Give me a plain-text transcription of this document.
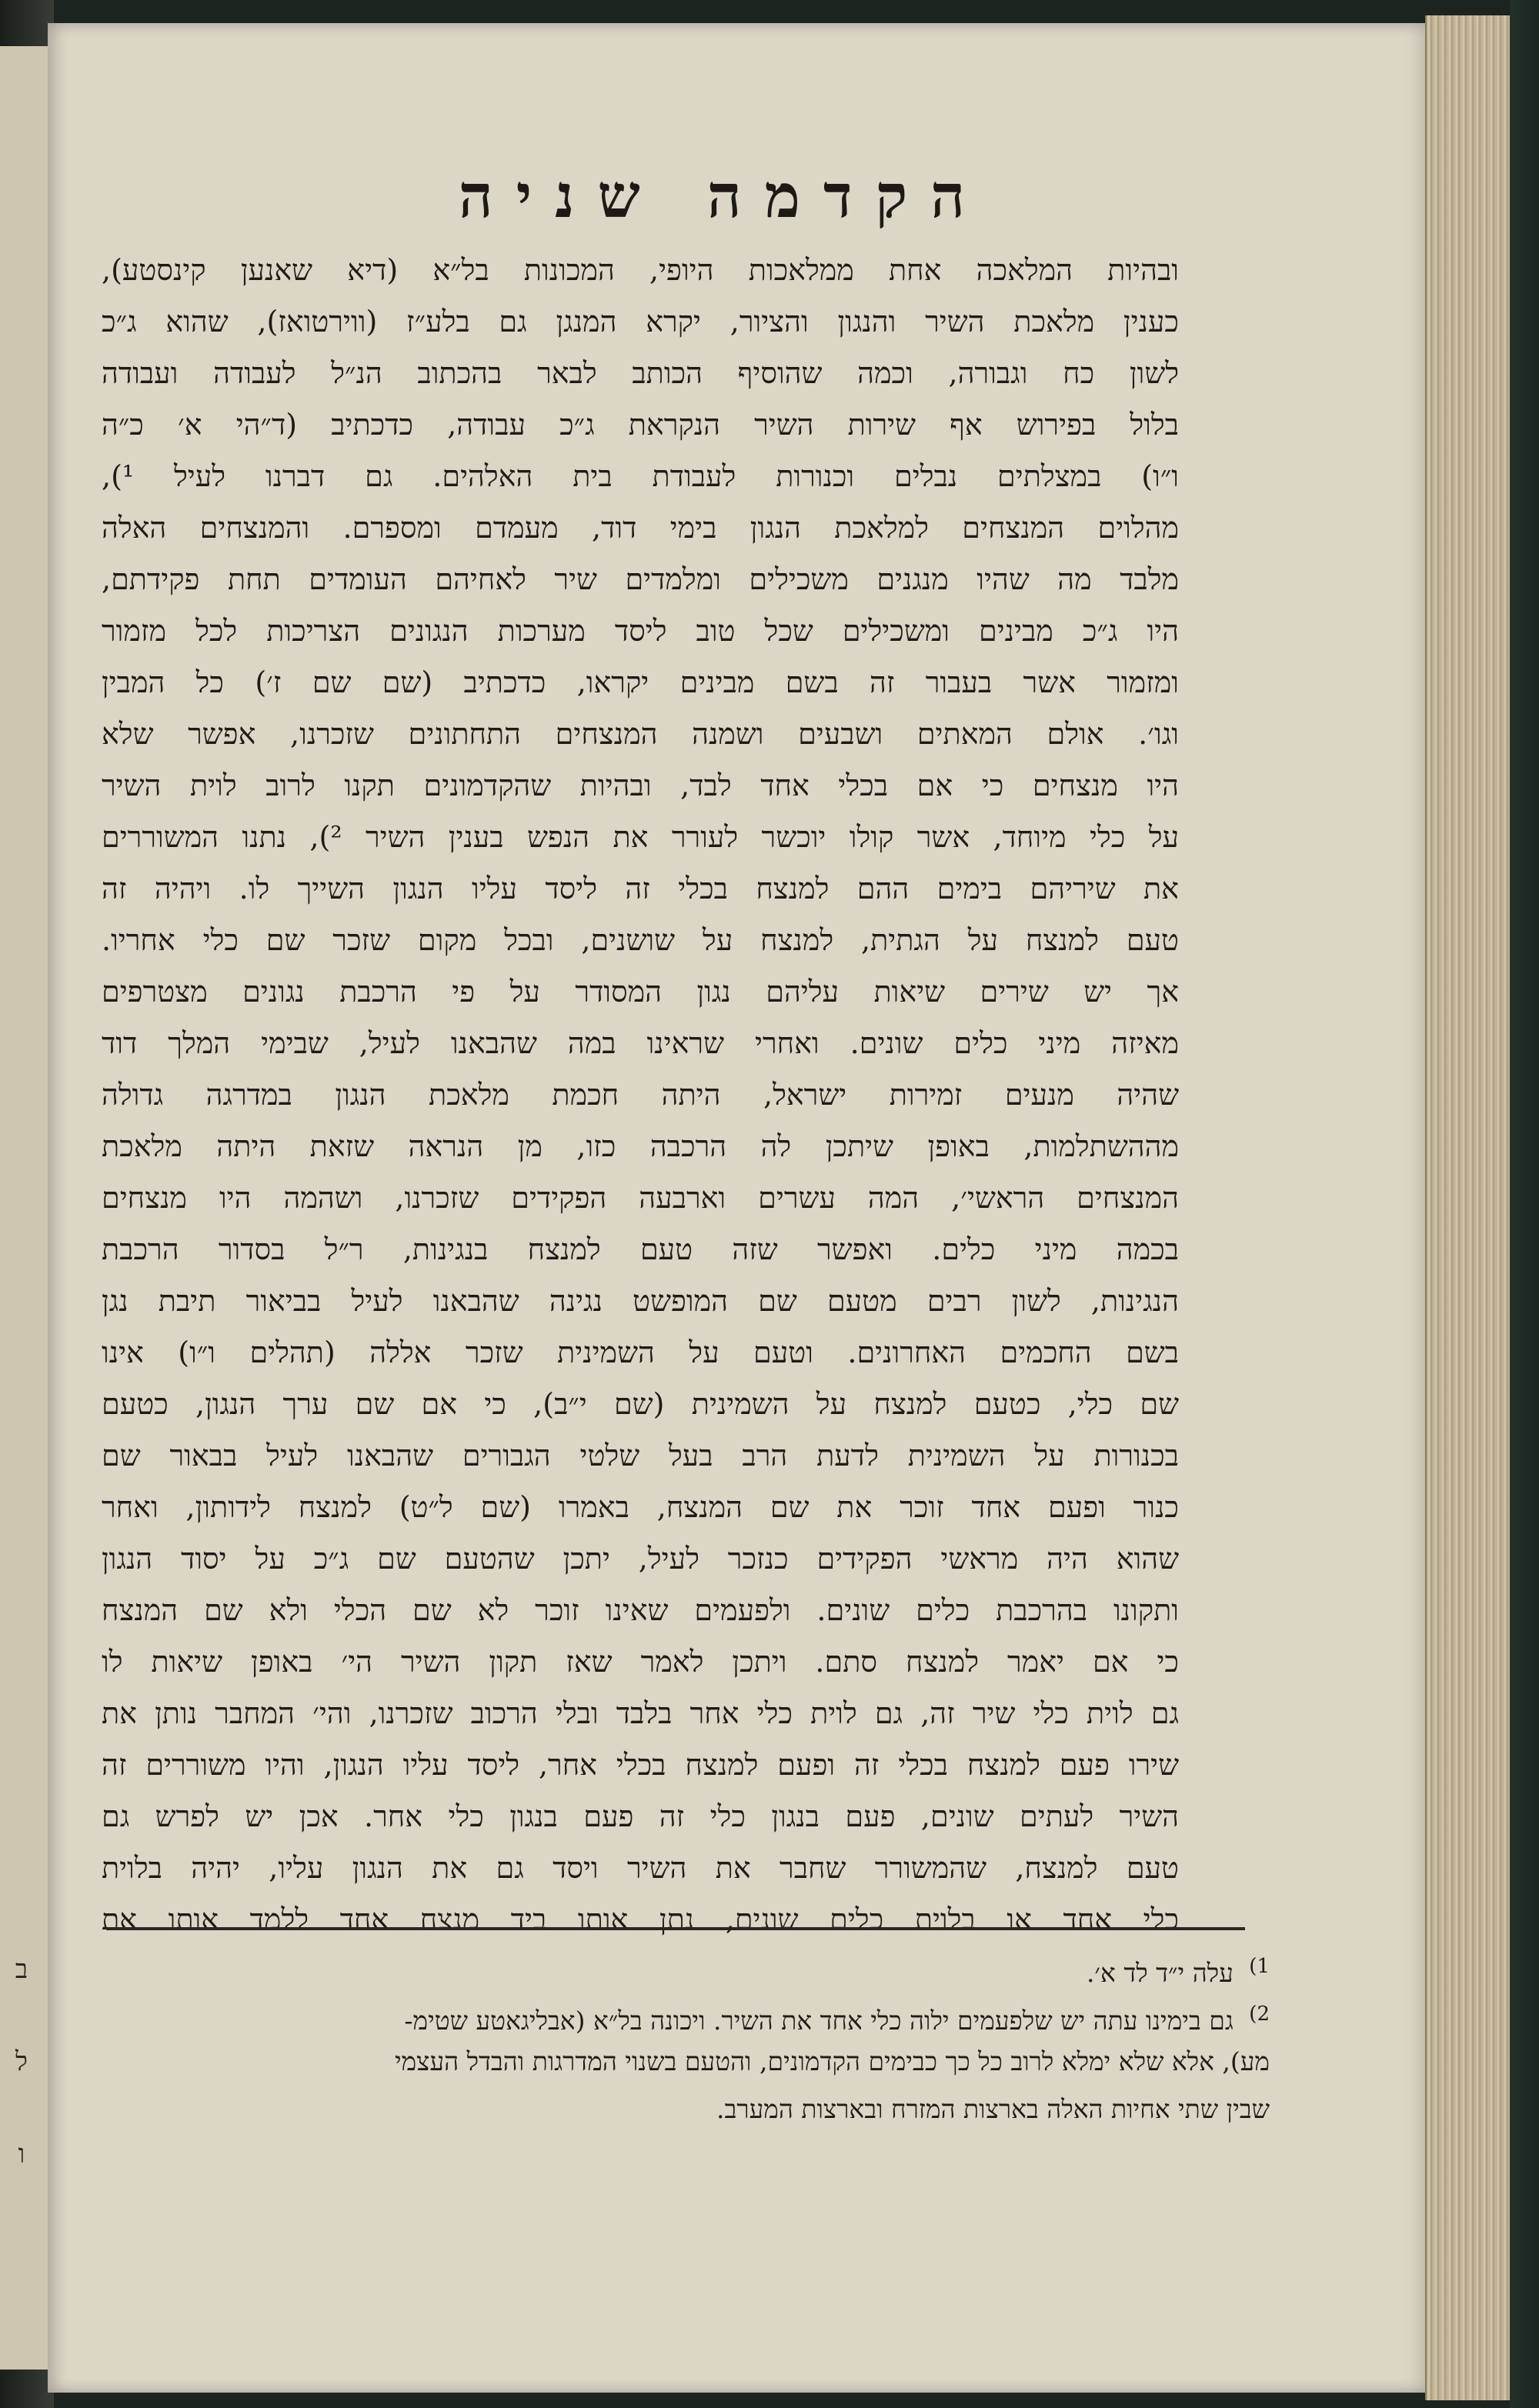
ב
ל
ו
הקדמה שניה
ובהיות המלאכה אחת ממלאכות היופי, המכונות בל״א (דיא שאנען קינסטע),
כענין מלאכת השיר והנגון והציור, יקרא המנגן גם בלע״ז (ווירטואז), שהוא ג״כ
לשון כח וגבורה, וכמה שהוסיף הכותב לבאר בהכתוב הנ״ל לעבודה ועבודה
בלול בפירוש אף שירות השיר הנקראת ג״כ עבודה, כדכתיב (ד״הי א׳ כ״ה
ו״ו) במצלתים נבלים וכנורות לעבודת בית האלהים. גם דברנו לעיל ¹),
מהלוים המנצחים למלאכת הנגון בימי דוד, מעמדם ומספרם. והמנצחים האלה
מלבד מה שהיו מנגנים משכילים ומלמדים שיר לאחיהם העומדים תחת פקידתם,
היו ג״כ מבינים ומשכילים שכל טוב ליסד מערכות הנגונים הצריכות לכל מזמור
ומזמור אשר בעבור זה בשם מבינים יקראו, כדכתיב (שם שם ז׳) כל המבין
וגו׳. אולם המאתים ושבעים ושמנה המנצחים התחתונים שזכרנו, אפשר שלא
היו מנצחים כי אם בכלי אחד לבד, ובהיות שהקדמונים תקנו לרוב לוית השיר
על כלי מיוחד, אשר קולו יוכשר לעורר את הנפש בענין השיר ²), נתנו המשוררים
את שיריהם בימים ההם למנצח בכלי זה ליסד עליו הנגון השייך לו. ויהיה זה
טעם למנצח על הגתית, למנצח על שושנים, ובכל מקום שזכר שם כלי אחריו.
אך יש שירים שיאות עליהם נגון המסודר על פי הרכבת נגונים מצטרפים
מאיזה מיני כלים שונים. ואחרי שראינו במה שהבאנו לעיל, שבימי המלך דוד
שהיה מנעים זמירות ישראל, היתה חכמת מלאכת הנגון במדרגה גדולה
מההשתלמות, באופן שיתכן לה הרכבה כזו, מן הנראה שזאת היתה מלאכת
המנצחים הראשי׳, המה עשרים וארבעה הפקידים שזכרנו, ושהמה היו מנצחים
בכמה מיני כלים. ואפשר שזה טעם למנצח בנגינות, ר״ל בסדור הרכבת
הנגינות, לשון רבים מטעם שם המופשט נגינה שהבאנו לעיל בביאור תיבת נגן
בשם החכמים האחרונים. וטעם על השמינית שזכר אללה (תהלים ו״ו) אינו
שם כלי, כטעם למנצח על השמינית (שם י״ב), כי אם שם ערך הנגון, כטעם
בכנורות על השמינית לדעת הרב בעל שלטי הגבורים שהבאנו לעיל בבאור שם
כנור ופעם אחד זוכר את שם המנצח, באמרו (שם ל״ט) למנצח לידותון, ואחר
שהוא היה מראשי הפקידים כנזכר לעיל, יתכן שהטעם שם ג״כ על יסוד הנגון
ותקונו בהרכבת כלים שונים. ולפעמים שאינו זוכר לא שם הכלי ולא שם המנצח
כי אם יאמר למנצח סתם. ויתכן לאמר שאז תקון השיר הי׳ באופן שיאות לו
גם לוית כלי שיר זה, גם לוית כלי אחר בלבד ובלי הרכוב שזכרנו, והי׳ המחבר נותן את
שירו פעם למנצח בכלי זה ופעם למנצח בכלי אחר, ליסד עליו הנגון, והיו משוררים זה
השיר לעתים שונים, פעם בנגון כלי זה פעם בנגון כלי אחר. אכן יש לפרש גם
טעם למנצח, שהמשורר שחבר את השיר ויסד גם את הנגון עליו, יהיה בלוית
כלי אחד או בלוית כלים שונים, נתן אותו ביד מנצח אחד ללמד אותו את
$^{1)}$ עלה י״ד לד א׳.
$^{2)}$ גם בימינו עתה יש שלפעמים ילוה כלי אחד את השיר. ויכונה בל״א (אבליגאטע שטימ-
מע), אלא שלא ימלא לרוב כל כך כבימים הקדמונים, והטעם בשנוי המדרגות והבדל העצמי
שבין שתי אחיות האלה בארצות המזרח ובארצות המערב.
